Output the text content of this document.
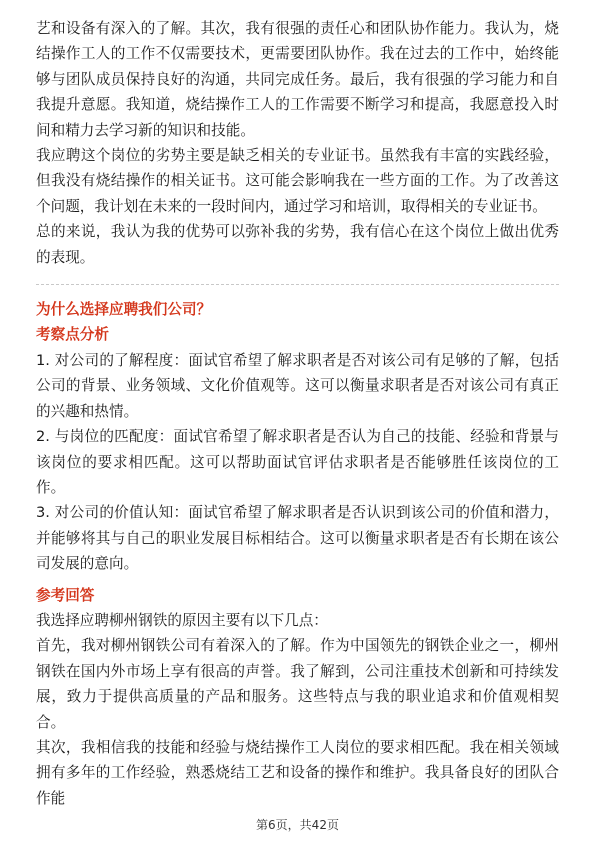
艺和设备有深入的了解。其次，我有很强的责任心和团队协作能力。我认为，烧结操作工人的工作不仅需要技术，更需要团队协作。我在过去的工作中，始终能够与团队成员保持良好的沟通，共同完成任务。最后，我有很强的学习能力和自我提升意愿。我知道，烧结操作工人的工作需要不断学习和提高，我愿意投入时间和精力去学习新的知识和技能。

我应聘这个岗位的劣势主要是缺乏相关的专业证书。虽然我有丰富的实践经验，但我没有烧结操作的相关证书。这可能会影响我在一些方面的工作。为了改善这个问题，我计划在未来的一段时间内，通过学习和培训，取得相关的专业证书。

总的来说，我认为我的优势可以弥补我的劣势，我有信心在这个岗位上做出优秀的表现。

为什么选择应聘我们公司？

考察点分析

1. 对公司的了解程度：面试官希望了解求职者是否对该公司有足够的了解，包括公司的背景、业务领域、文化价值观等。这可以衡量求职者是否对该公司有真正的兴趣和热情。

2. 与岗位的匹配度：面试官希望了解求职者是否认为自己的技能、经验和背景与该岗位的要求相匹配。这可以帮助面试官评估求职者是否能够胜任该岗位的工作。

3. 对公司的价值认知：面试官希望了解求职者是否认识到该公司的价值和潜力，并能够将其与自己的职业发展目标相结合。这可以衡量求职者是否有长期在该公司发展的意向。

参考回答

我选择应聘柳州钢铁的原因主要有以下几点：

首先，我对柳州钢铁公司有着深入的了解。作为中国领先的钢铁企业之一，柳州钢铁在国内外市场上享有很高的声誉。我了解到，公司注重技术创新和可持续发展，致力于提供高质量的产品和服务。这些特点与我的职业追求和价值观相契合。

其次，我相信我的技能和经验与烧结操作工人岗位的要求相匹配。我在相关领域拥有多年的工作经验，熟悉烧结工艺和设备的操作和维护。我具备良好的团队合作能

第6页，共42页
